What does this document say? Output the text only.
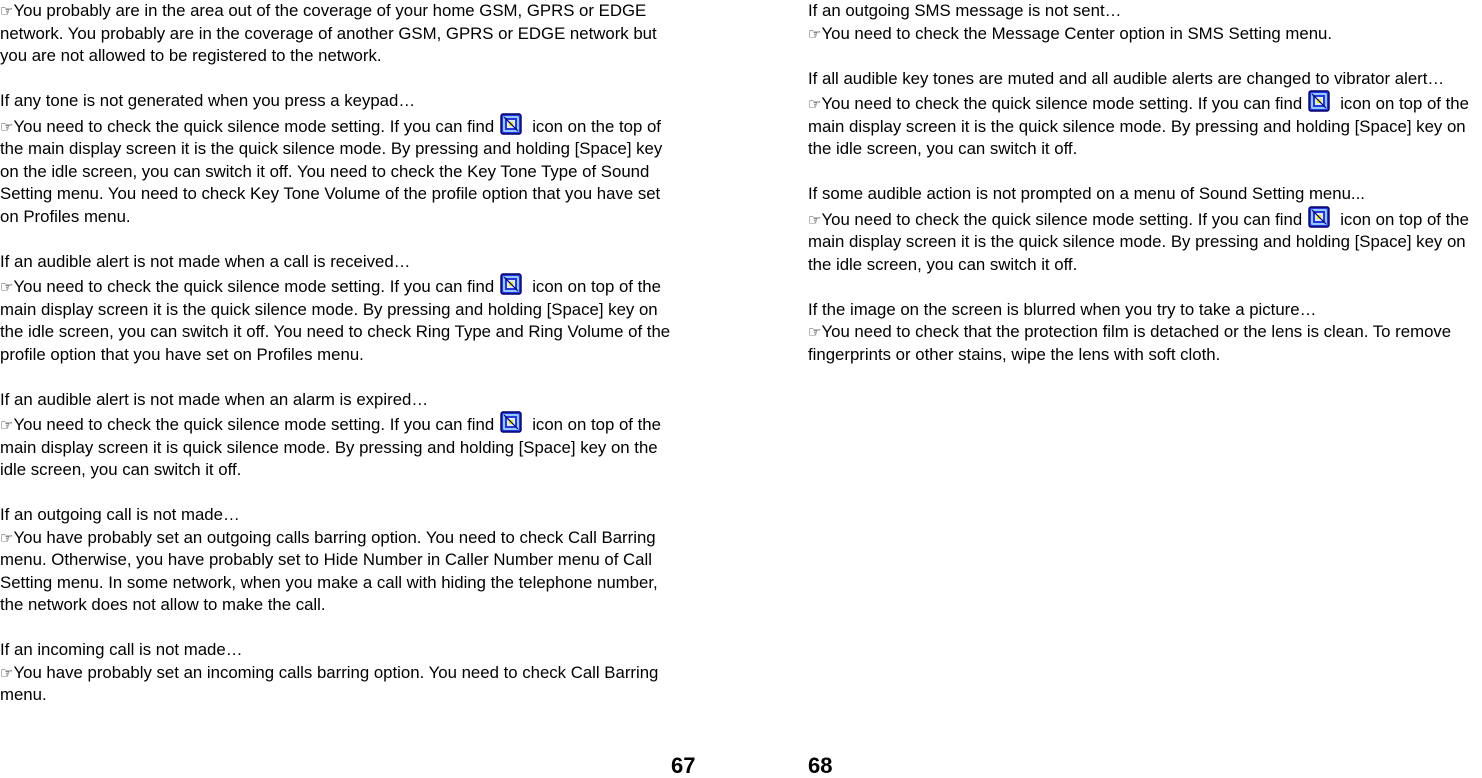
☞You probably are in the area out of the coverage of your home GSM, GPRS or EDGE network. You probably are in the coverage of another GSM, GPRS or EDGE network but you are not allowed to be registered to the network.

If any tone is not generated when you press a keypad…

☞You need to check the quick silence mode setting. If you can find icon on the top of the main display screen it is the quick silence mode. By pressing and holding [Space] key on the idle screen, you can switch it off. You need to check the Key Tone Type of Sound Setting menu. You need to check Key Tone Volume of the profile option that you have set on Profiles menu.

If an audible alert is not made when a call is received…

☞You need to check the quick silence mode setting. If you can find icon on top of the main display screen it is the quick silence mode. By pressing and holding [Space] key on the idle screen, you can switch it off. You need to check Ring Type and Ring Volume of the profile option that you have set on Profiles menu.

If an audible alert is not made when an alarm is expired…

☞You need to check the quick silence mode setting. If you can find icon on top of the main display screen it is quick silence mode. By pressing and holding [Space] key on the idle screen, you can switch it off.

If an outgoing call is not made…

☞You have probably set an outgoing calls barring option. You need to check Call Barring menu. Otherwise, you have probably set to Hide Number in Caller Number menu of Call Setting menu. In some network, when you make a call with hiding the telephone number, the network does not allow to make the call.

If an incoming call is not made…

☞You have probably set an incoming calls barring option. You need to check Call Barring menu.

If an outgoing SMS message is not sent…

☞You need to check the Message Center option in SMS Setting menu.

If all audible key tones are muted and all audible alerts are changed to vibrator alert…

☞You need to check the quick silence mode setting. If you can find icon on top of the main display screen it is the quick silence mode. By pressing and holding [Space] key on the idle screen, you can switch it off.

If some audible action is not prompted on a menu of Sound Setting menu...

☞You need to check the quick silence mode setting. If you can find icon on top of the main display screen it is the quick silence mode. By pressing and holding [Space] key on the idle screen, you can switch it off.

If the image on the screen is blurred when you try to take a picture…

☞You need to check that the protection film is detached or the lens is clean. To remove fingerprints or other stains, wipe the lens with soft cloth.

67	68
